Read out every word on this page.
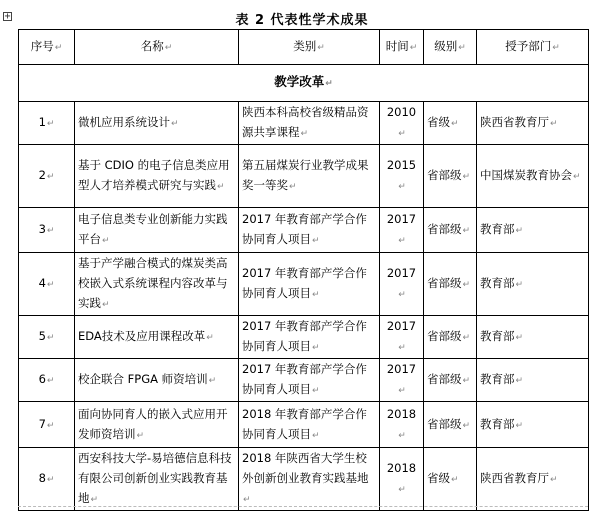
+	表 2 代表性学术成果
序号↵	名称↵	类别↵	时间↵	级别↵	授予部门↵
教学改革↵					
1↵	微机应用系统设计↵	陕西本科高校省级精品资源共享课程↵	2010↵	省级↵	陕西省教育厅↵
2↵	基于 CDIO 的电子信息类应用型人才培养模式研究与实践↵	第五届煤炭行业教学成果奖一等奖↵	2015↵	省部级↵	中国煤炭教育协会↵
3↵	电子信息类专业创新能力实践平台↵	2017 年教育部产学合作协同育人项目↵	2017↵	省部级↵	教育部↵
4↵	基于产学融合模式的煤炭类高校嵌入式系统课程内容改革与实践↵	2017 年教育部产学合作协同育人项目↵	2017↵	省部级↵	教育部↵
5↵	EDA技术及应用课程改革↵	2017 年教育部产学合作协同育人项目↵	2017↵	省部级↵	教育部↵
6↵	校企联合 FPGA 师资培训↵	2017 年教育部产学合作协同育人项目↵	2017↵	省部级↵	教育部↵
7↵	面向协同育人的嵌入式应用开发师资培训↵	2018 年教育部产学合作协同育人项目↵	2018↵	省部级↵	教育部↵
8↵	西安科技大学-易培德信息科技有限公司创新创业实践教育基地↵	2018 年陕西省大学生校外创新创业教育实践基地↵	2018↵	省级↵	陕西省教育厅↵
